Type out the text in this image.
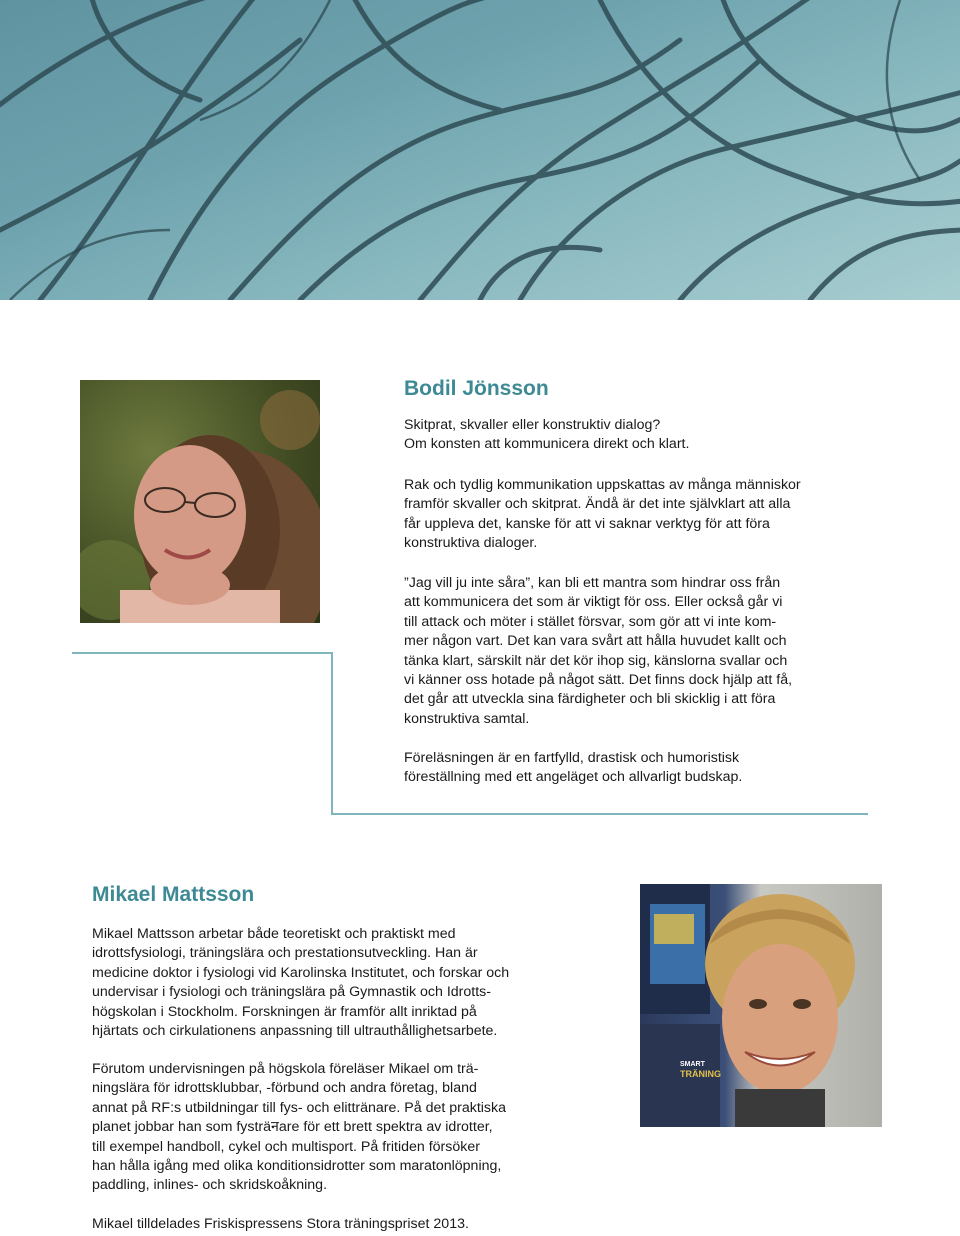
Bodil Jönsson
Skitprat, skvaller eller konstruktiv dialog?
Om konsten att kommunicera direkt och klart.
Rak och tydlig kommunikation uppskattas av många människor
framför skvaller och skitprat. Ändå är det inte självklart att alla
får uppleva det, kanske för att vi saknar verktyg för att föra
konstruktiva dialoger.
”Jag vill ju inte såra”, kan bli ett mantra som hindrar oss från
att kommunicera det som är viktigt för oss. Eller också går vi
till attack och möter i stället försvar, som gör att vi inte kom-
mer någon vart. Det kan vara svårt att hålla huvudet kallt och
tänka klart, särskilt när det kör ihop sig, känslorna svallar och
vi känner oss hotade på något sätt. Det finns dock hjälp att få,
det går att utveckla sina färdigheter och bli skicklig i att föra
konstruktiva samtal.
Föreläsningen är en fartfylld, drastisk och humoristisk
föreställning med ett angeläget och allvarligt budskap.
Mikael Mattsson
Mikael Mattsson arbetar både teoretiskt och praktiskt med
idrottsfysiologi, träningslära och prestationsutveckling. Han är
medicine doktor i fysiologi vid Karolinska Institutet, och forskar och
undervisar i fysiologi och träningslära på Gymnastik och Idrotts-
högskolan i Stockholm. Forskningen är framför allt inriktad på
hjärtats och cirkulationens anpassning till ultrauthållighetsarbete.
Förutom undervisningen på högskola föreläser Mikael om trä-
ningslära för idrottsklubbar, -förbund och andra företag, bland
annat på RF:s utbildningar till fys- och elittränare. På det praktiska
planet jobbar han som fysträनare för ett brett spektra av idrotter,
till exempel handboll, cykel och multisport. På fritiden försöker
han hålla igång med olika konditionsidrotter som maratonlöpning,
paddling, inlines- och skridskoåkning.
Mikael tilldelades Friskispressens Stora träningspriset 2013.
SMART
TRÄNING
